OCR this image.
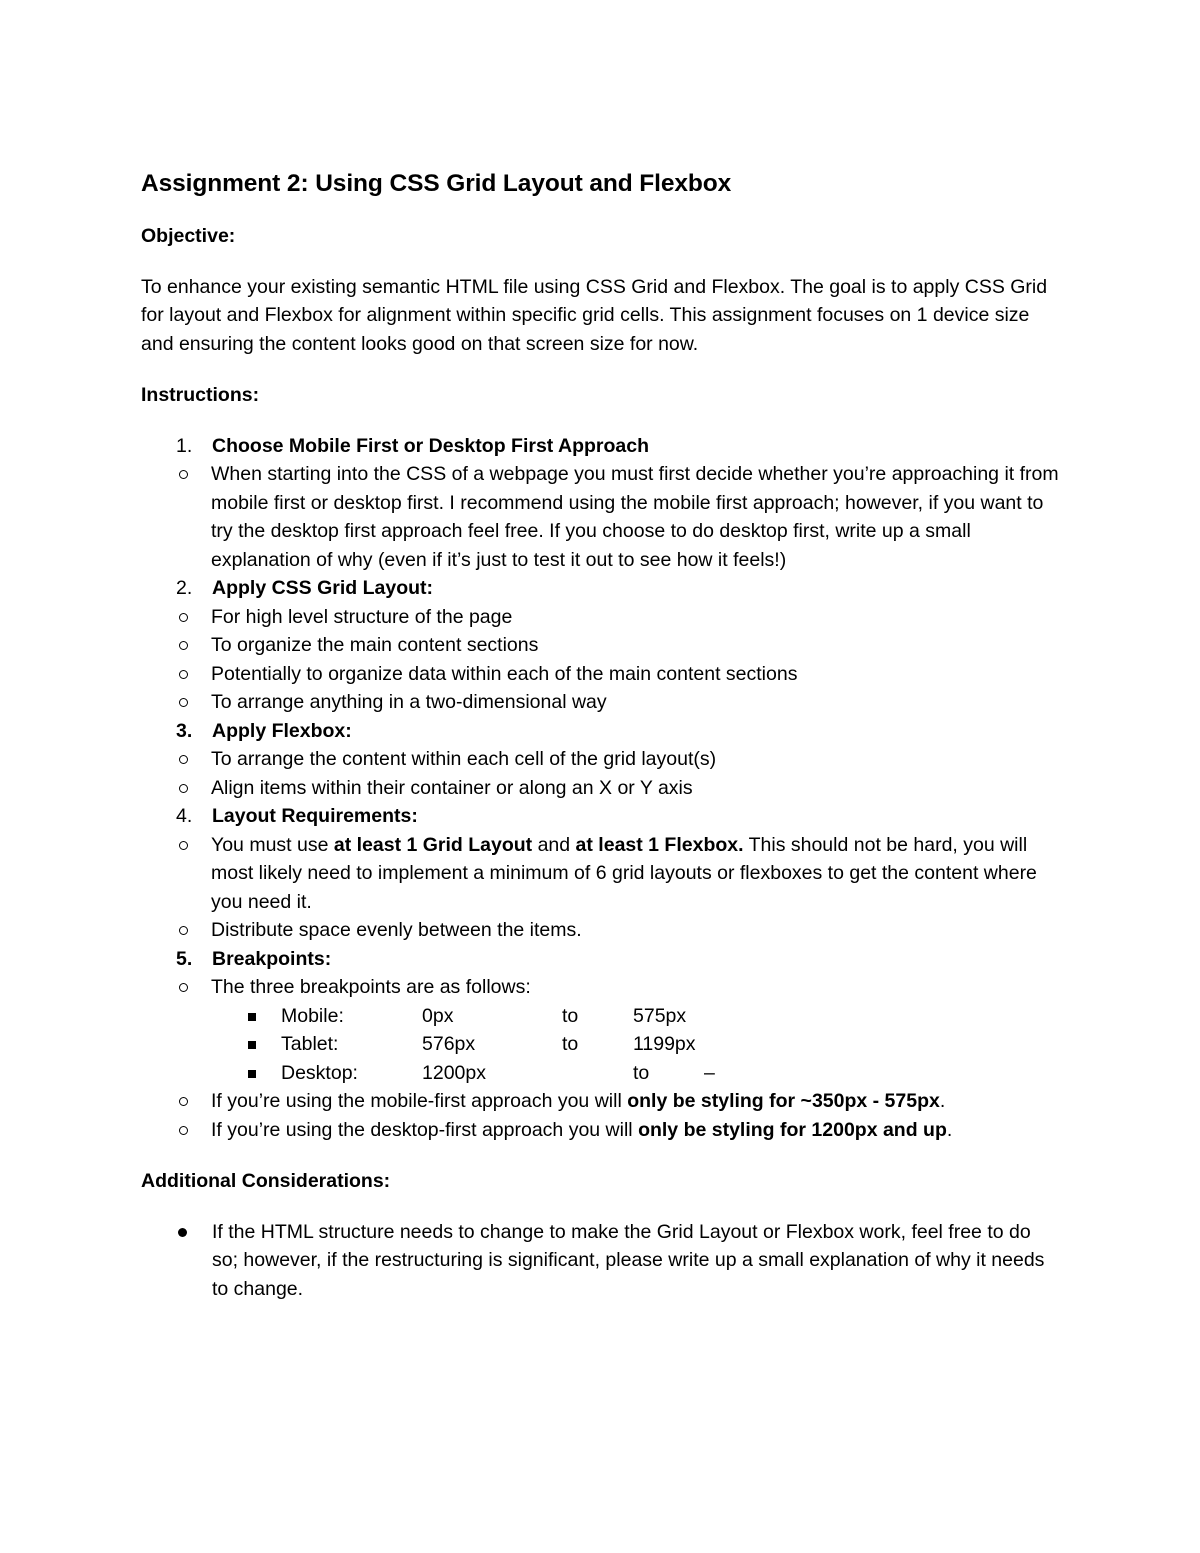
Assignment 2: Using CSS Grid Layout and Flexbox
Objective:

To enhance your existing semantic HTML file using CSS Grid and Flexbox. The goal is to apply CSS Grid for layout and Flexbox for alignment within specific grid cells. This assignment focuses on 1 device size and ensuring the content looks good on that screen size for now.

Instructions:
1. Choose Mobile First or Desktop First Approach
When starting into the CSS of a webpage you must first decide whether you’re approaching it from mobile first or desktop first. I recommend using the mobile first approach; however, if you want to try the desktop first approach feel free. If you choose to do desktop first, write up a small explanation of why (even if it’s just to test it out to see how it feels!)
2. Apply CSS Grid Layout:
For high level structure of the page
To organize the main content sections
Potentially to organize data within each of the main content sections
To arrange anything in a two-dimensional way
3. Apply Flexbox:
To arrange the content within each cell of the grid layout(s)
Align items within their container or along an X or Y axis
4. Layout Requirements:
You must use at least 1 Grid Layout and at least 1 Flexbox. This should not be hard, you will most likely need to implement a minimum of 6 grid layouts or flexboxes to get the content where you need it.
Distribute space evenly between the items.
5. Breakpoints:
The three breakpoints are as follows:
Mobile:	0px	to	575px
Tablet:	576px	to	1199px
Desktop:	1200px	to	–
If you’re using the mobile-first approach you will only be styling for ~350px - 575px.
If you’re using the desktop-first approach you will only be styling for 1200px and up.
Additional Considerations:
If the HTML structure needs to change to make the Grid Layout or Flexbox work, feel free to do so; however, if the restructuring is significant, please write up a small explanation of why it needs to change.
